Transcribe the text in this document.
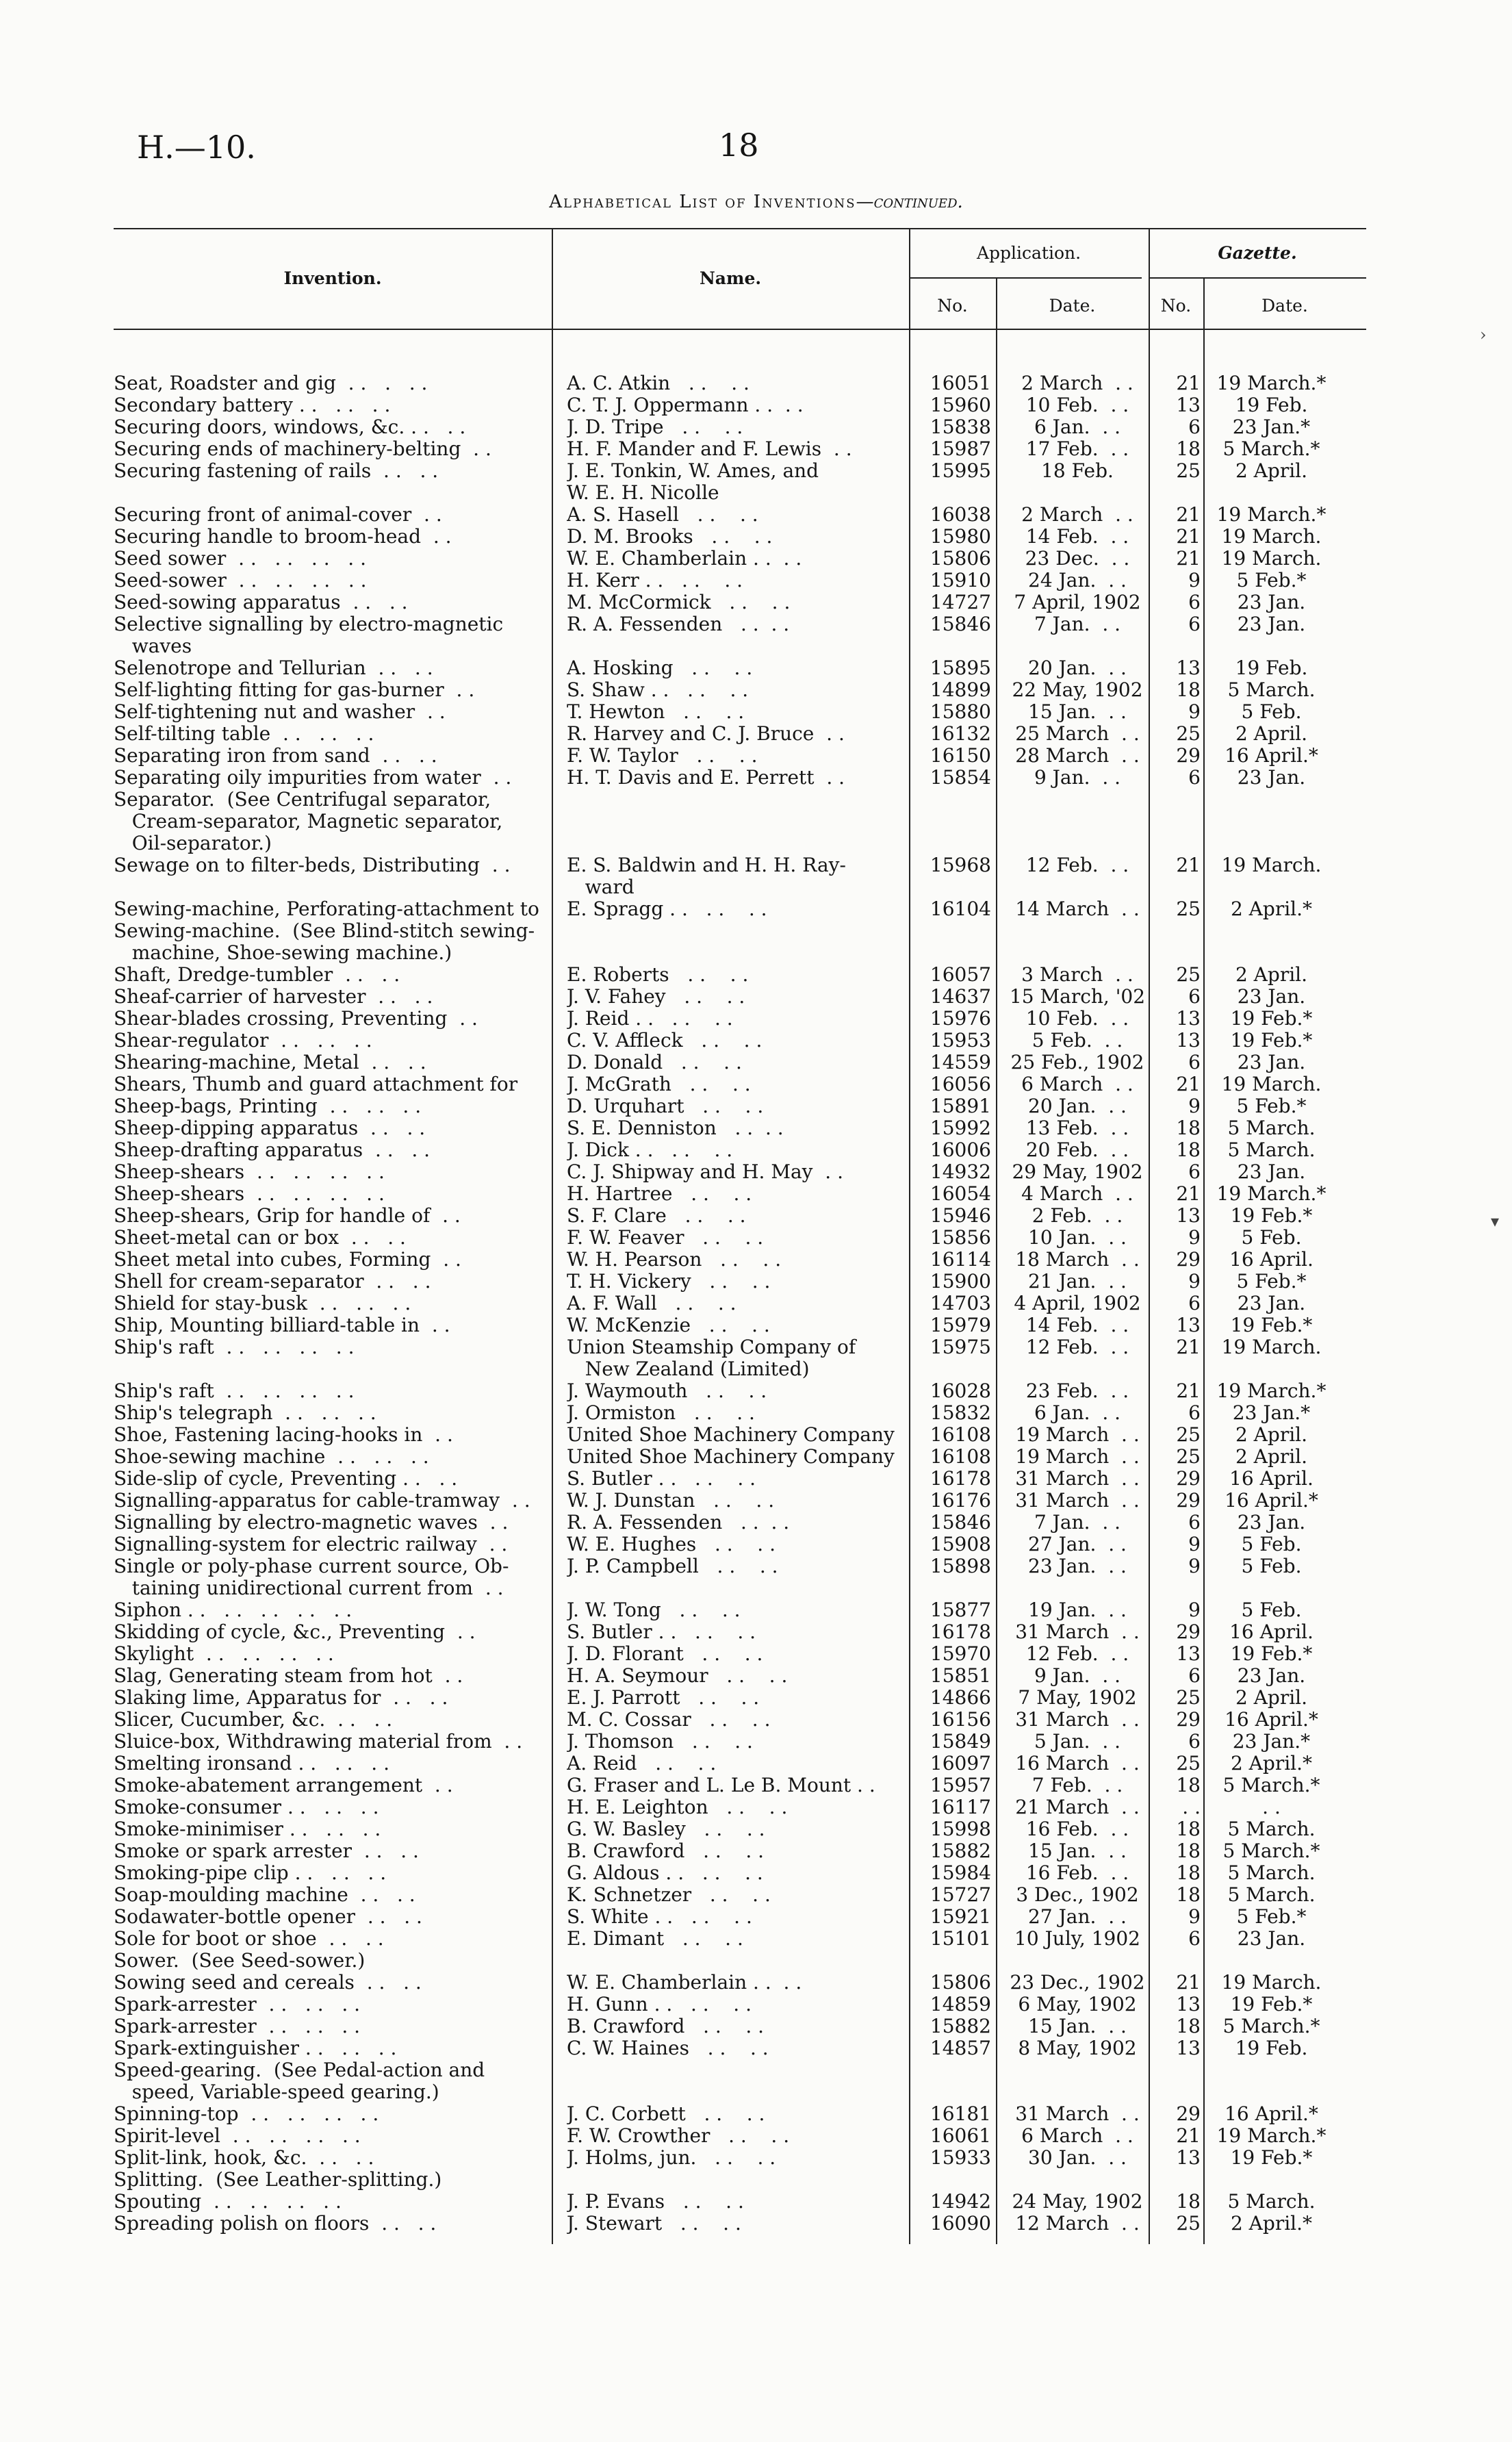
H.—10.	18
Alphabetical List of Inventions—continued.
Invention.	Name.
Application.	Gazette.
No.	Date.	No.	Date.
Seat, Roadster and gig  . .   .   . .	A. C. Atkin   . .    . .	16051	2 March  . .	21 19 March.*
Secondary battery . .   . .   . .	C. T. J. Oppermann . .  . .	15960	10 Feb.  . .	13	19 Feb.
Securing doors, windows, &c. . .   . .	J. D. Tripe   . .    . .	15838	6 Jan.  . .	6	23 Jan.*
Securing ends of machinery-belting  . .	H. F. Mander and F. Lewis  . .	15987	17 Feb.  . .	18	5 March.*
Securing fastening of rails  . .   . .	J. E. Tonkin, W. Ames, and	15995	18 Feb.	25	2 April.
W. E. H. Nicolle
Securing front of animal-cover  . .	A. S. Hasell   . .    . .	16038	2 March  . .	21 19 March.*
Securing handle to broom-head  . .	D. M. Brooks   . .    . .	15980	14 Feb.  . .	21	19 March.
Seed sower  . .   . .   . .   . .	W. E. Chamberlain . .  . .	15806	23 Dec.  . .	21	19 March.
Seed-sower  . .   . .   . .   . .	H. Kerr . .   . .    . .	15910	24 Jan.  . .	9	5 Feb.*
Seed-sowing apparatus  . .   . .	M. McCormick   . .    . .	14727	7 April, 1902	6	23 Jan.
Selective signalling by electro-magnetic	R. A. Fessenden   . .  . .	15846	7 Jan.  . .	6	23 Jan.
waves
Selenotrope and Tellurian  . .   . .	A. Hosking   . .    . .	15895	20 Jan.  . .	13	19 Feb.
Self-lighting fitting for gas-burner  . .	S. Shaw . .   . .    . .	14899	22 May, 1902	18	5 March.
Self-tightening nut and washer  . .	T. Hewton   . .    . .	15880	15 Jan.  . .	9	5 Feb.
Self-tilting table  . .   . .   . .	R. Harvey and C. J. Bruce  . .	16132	25 March  . .	25	2 April.
Separating iron from sand  . .   . .	F. W. Taylor   . .    . .	16150	28 March  . .	29	16 April.*
Separating oily impurities from water  . .	H. T. Davis and E. Perrett  . .	15854	9 Jan.  . .	6	23 Jan.
Separator.  (See Centrifugal separator,
Cream-separator, Magnetic separator,
Oil-separator.)
Sewage on to filter-beds, Distributing  . .	E. S. Baldwin and H. H. Ray-	15968	12 Feb.  . .	21	19 March.
ward
Sewing-machine, Perforating-attachment to	E. Spragg . .   . .    . .	16104	14 March  . .	25	2 April.*
Sewing-machine.  (See Blind-stitch sewing-
machine, Shoe-sewing machine.)
Shaft, Dredge-tumbler  . .   . .	E. Roberts   . .    . .	16057	3 March  . .	25	2 April.
Sheaf-carrier of harvester  . .   . .	J. V. Fahey   . .    . .	14637 15 March, '02	6	23 Jan.
Shear-blades crossing, Preventing  . .	J. Reid . .   . .    . .	15976	10 Feb.  . .	13	19 Feb.*
Shear-regulator  . .   . .   . .	C. V. Affleck   . .    . .	15953	5 Feb.  . .	13	19 Feb.*
Shearing-machine, Metal  . .   . .	D. Donald   . .    . .	14559 25 Feb., 1902	6	23 Jan.
Shears, Thumb and guard attachment for	J. McGrath   . .    . .	16056	6 March  . .	21	19 March.
Sheep-bags, Printing  . .   . .   . .	D. Urquhart   . .    . .	15891	20 Jan.  . .	9	5 Feb.*
Sheep-dipping apparatus  . .   . .	S. E. Denniston   . .  . .	15992	13 Feb.  . .	18	5 March.
Sheep-drafting apparatus  . .   . .	J. Dick . .   . .    . .	16006	20 Feb.  . .	18	5 March.
Sheep-shears  . .   . .   . .   . .	C. J. Shipway and H. May  . .	14932	29 May, 1902	6	23 Jan.
Sheep-shears  . .   . .   . .   . .	H. Hartree   . .    . .	16054	4 March  . .	21 19 March.*
Sheep-shears, Grip for handle of  . .	S. F. Clare   . .    . .	15946	2 Feb.  . .	13	19 Feb.*
Sheet-metal can or box  . .   . .	F. W. Feaver   . .    . .	15856	10 Jan.  . .	9	5 Feb.
Sheet metal into cubes, Forming  . .	W. H. Pearson   . .    . .	16114	18 March  . .	29	16 April.
Shell for cream-separator  . .   . .	T. H. Vickery   . .    . .	15900	21 Jan.  . .	9	5 Feb.*
Shield for stay-busk  . .   . .   . .	A. F. Wall   . .    . .	14703	4 April, 1902	6	23 Jan.
Ship, Mounting billiard-table in  . .	W. McKenzie   . .    . .	15979	14 Feb.  . .	13	19 Feb.*
Ship's raft  . .   . .   . .   . .	Union Steamship Company of	15975	12 Feb.  . .	21	19 March.
New Zealand (Limited)
Ship's raft  . .   . .   . .   . .	J. Waymouth   . .    . .	16028	23 Feb.  . .	21 19 March.*
Ship's telegraph  . .   . .   . .	J. Ormiston   . .    . .	15832	6 Jan.  . .	6	23 Jan.*
Shoe, Fastening lacing-hooks in  . .	United Shoe Machinery Company	16108	19 March  . .	25	2 April.
Shoe-sewing machine  . .   . .   . .	United Shoe Machinery Company	16108	19 March  . .	25	2 April.
Side-slip of cycle, Preventing . .   . .	S. Butler . .   . .    . .	16178	31 March  . .	29	16 April.
Signalling-apparatus for cable-tramway  . .	W. J. Dunstan   . .    . .	16176	31 March  . .	29	16 April.*
Signalling by electro-magnetic waves  . .	R. A. Fessenden   . .  . .	15846	7 Jan.  . .	6	23 Jan.
Signalling-system for electric railway  . .	W. E. Hughes   . .    . .	15908	27 Jan.  . .	9	5 Feb.
Single or poly-phase current source, Ob-	J. P. Campbell   . .    . .	15898	23 Jan.  . .	9	5 Feb.
taining unidirectional current from  . .
Siphon . .   . .   . .   . .   . .	J. W. Tong   . .    . .	15877	19 Jan.  . .	9	5 Feb.
Skidding of cycle, &c., Preventing  . .	S. Butler . .   . .    . .	16178	31 March  . .	29	16 April.
Skylight  . .   . .   . .   . .	J. D. Florant   . .    . .	15970	12 Feb.  . .	13	19 Feb.*
Slag, Generating steam from hot  . .	H. A. Seymour   . .    . .	15851	9 Jan.  . .	6	23 Jan.
Slaking lime, Apparatus for  . .   . .	E. J. Parrott   . .    . .	14866	7 May, 1902	25	2 April.
Slicer, Cucumber, &c.  . .   . .	M. C. Cossar   . .    . .	16156	31 March  . .	29	16 April.*
Sluice-box, Withdrawing material from  . .	J. Thomson   . .    . .	15849	5 Jan.  . .	6	23 Jan.*
Smelting ironsand . .   . .   . .	A. Reid   . .    . .	16097	16 March  . .	25	2 April.*
Smoke-abatement arrangement  . .	G. Fraser and L. Le B. Mount . .	15957	7 Feb.  . .	18	5 March.*
Smoke-consumer . .   . .   . .	H. E. Leighton   . .    . .	16117	21 March  . .	. .	. .
Smoke-minimiser . .   . .   . .	G. W. Basley   . .    . .	15998	16 Feb.  . .	18	5 March.
Smoke or spark arrester  . .   . .	B. Crawford   . .    . .	15882	15 Jan.  . .	18	5 March.*
Smoking-pipe clip . .   . .   . .	G. Aldous . .   . .    . .	15984	16 Feb.  . .	18	5 March.
Soap-moulding machine  . .   . .	K. Schnetzer   . .    . .	15727	3 Dec., 1902	18	5 March.
Sodawater-bottle opener  . .   . .	S. White . .   . .    . .	15921	27 Jan.  . .	9	5 Feb.*
Sole for boot or shoe  . .   . .	E. Dimant   . .    . .	15101	10 July, 1902	6	23 Jan.
Sower.  (See Seed-sower.)
Sowing seed and cereals  . .   . .	W. E. Chamberlain . .  . .	15806 23 Dec., 1902	21	19 March.
Spark-arrester  . .   . .   . .	H. Gunn . .   . .    . .	14859	6 May, 1902	13	19 Feb.*
Spark-arrester  . .   . .   . .	B. Crawford   . .    . .	15882	15 Jan.  . .	18	5 March.*
Spark-extinguisher . .   . .   . .	C. W. Haines   . .    . .	14857	8 May, 1902	13	19 Feb.
Speed-gearing.  (See Pedal-action and
speed, Variable-speed gearing.)
Spinning-top  . .   . .   . .   . .	J. C. Corbett   . .    . .	16181	31 March  . .	29	16 April.*
Spirit-level  . .   . .   . .   . .	F. W. Crowther   . .    . .	16061	6 March  . .	21 19 March.*
Split-link, hook, &c.  . .   . .	J. Holms, jun.   . .    . .	15933	30 Jan.  . .	13	19 Feb.*
Splitting.  (See Leather-splitting.)
Spouting  . .   . .   . .   . .	J. P. Evans   . .    . .	14942	24 May, 1902	18	5 March.
Spreading polish on floors  . .   . .	J. Stewart   . .    . .	16090	12 March  . .	25	2 April.*
›
▾
